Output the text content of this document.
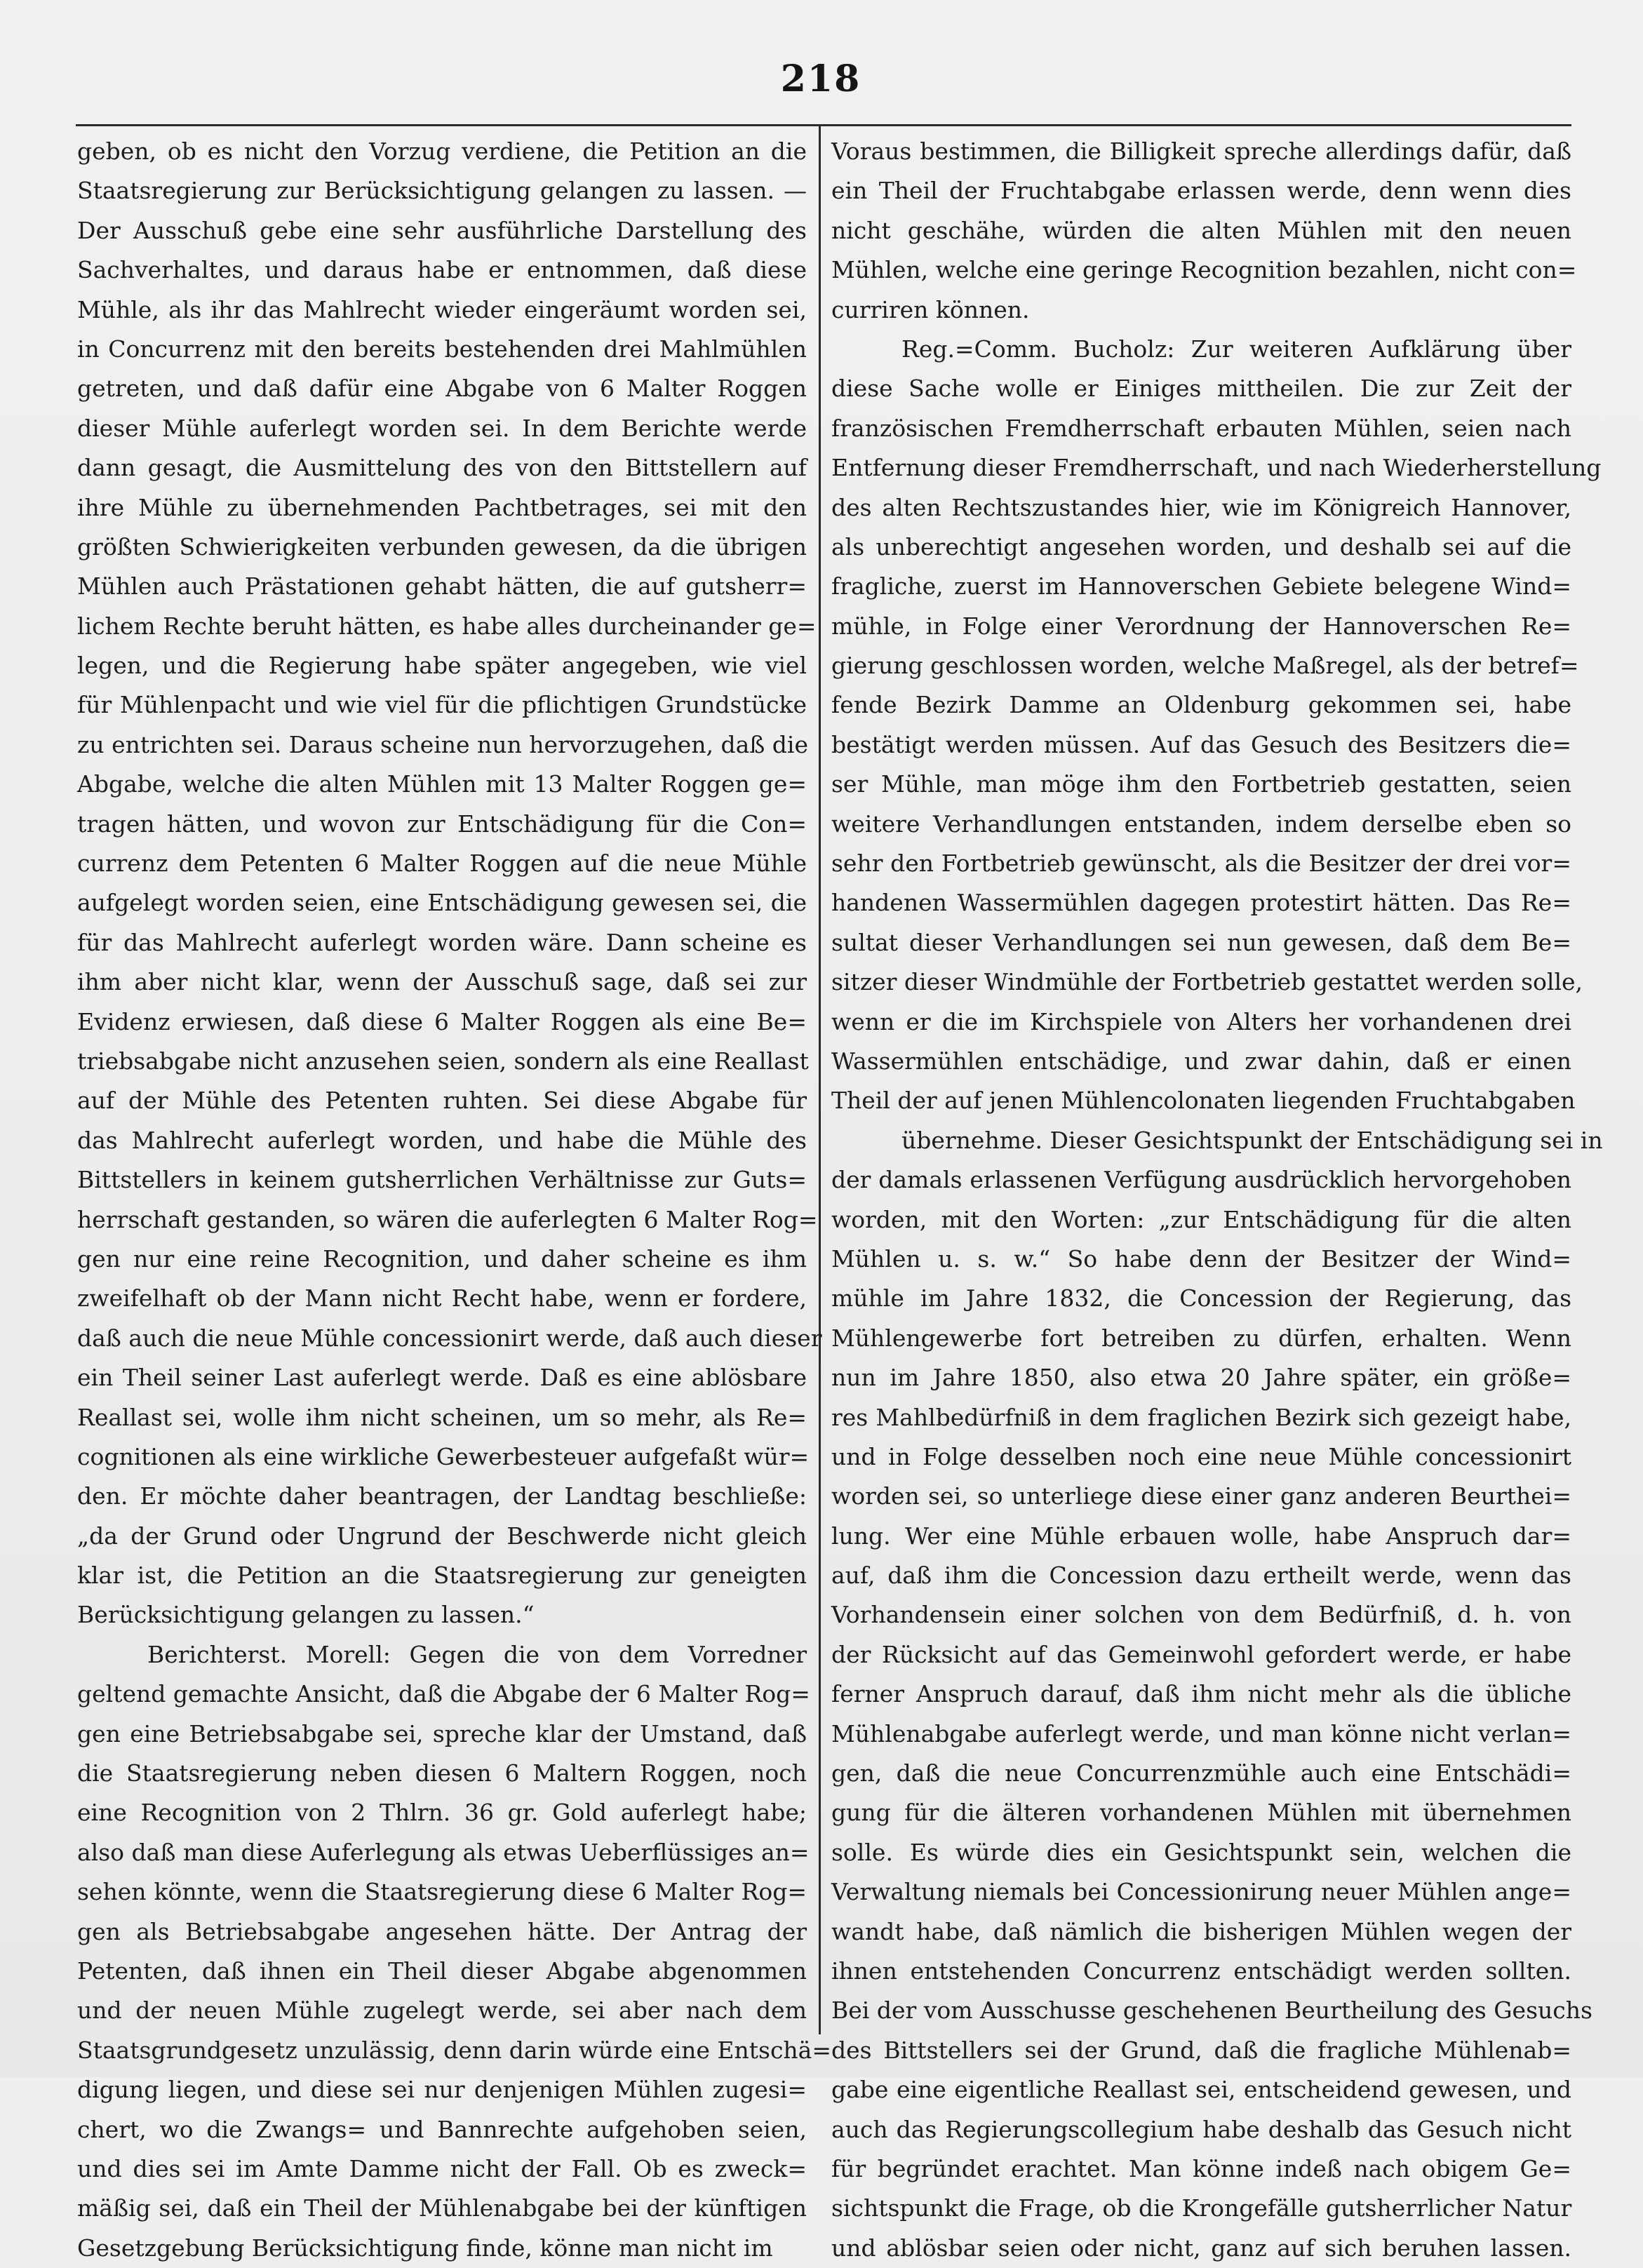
218
geben, ob es nicht den Vorzug verdiene, die Petition an die
Staatsregierung zur Berücksichtigung gelangen zu lassen. —
Der Ausschuß gebe eine sehr ausführliche Darstellung des
Sachverhaltes, und daraus habe er entnommen, daß diese
Mühle, als ihr das Mahlrecht wieder eingeräumt worden sei,
in Concurrenz mit den bereits bestehenden drei Mahlmühlen
getreten, und daß dafür eine Abgabe von 6 Malter Roggen
dieser Mühle auferlegt worden sei. In dem Berichte werde
dann gesagt, die Ausmittelung des von den Bittstellern auf
ihre Mühle zu übernehmenden Pachtbetrages, sei mit den
größten Schwierigkeiten verbunden gewesen, da die übrigen
Mühlen auch Prästationen gehabt hätten, die auf gutsherr=
lichem Rechte beruht hätten, es habe alles durcheinander ge=
legen, und die Regierung habe später angegeben, wie viel
für Mühlenpacht und wie viel für die pflichtigen Grundstücke
zu entrichten sei. Daraus scheine nun hervorzugehen, daß die
Abgabe, welche die alten Mühlen mit 13 Malter Roggen ge=
tragen hätten, und wovon zur Entschädigung für die Con=
currenz dem Petenten 6 Malter Roggen auf die neue Mühle
aufgelegt worden seien, eine Entschädigung gewesen sei, die
für das Mahlrecht auferlegt worden wäre. Dann scheine es
ihm aber nicht klar, wenn der Ausschuß sage, daß sei zur
Evidenz erwiesen, daß diese 6 Malter Roggen als eine Be=
triebsabgabe nicht anzusehen seien, sondern als eine Reallast
auf der Mühle des Petenten ruhten. Sei diese Abgabe für
das Mahlrecht auferlegt worden, und habe die Mühle des
Bittstellers in keinem gutsherrlichen Verhältnisse zur Guts=
herrschaft gestanden, so wären die auferlegten 6 Malter Rog=
gen nur eine reine Recognition, und daher scheine es ihm
zweifelhaft ob der Mann nicht Recht habe, wenn er fordere,
daß auch die neue Mühle concessionirt werde, daß auch dieser
ein Theil seiner Last auferlegt werde. Daß es eine ablösbare
Reallast sei, wolle ihm nicht scheinen, um so mehr, als Re=
cognitionen als eine wirkliche Gewerbesteuer aufgefaßt wür=
den. Er möchte daher beantragen, der Landtag beschließe:
„da der Grund oder Ungrund der Beschwerde nicht gleich
klar ist, die Petition an die Staatsregierung zur geneigten
Berücksichtigung gelangen zu lassen.“
Berichterst. Morell: Gegen die von dem Vorredner
geltend gemachte Ansicht, daß die Abgabe der 6 Malter Rog=
gen eine Betriebsabgabe sei, spreche klar der Umstand, daß
die Staatsregierung neben diesen 6 Maltern Roggen, noch
eine Recognition von 2 Thlrn. 36 gr. Gold auferlegt habe;
also daß man diese Auferlegung als etwas Ueberflüssiges an=
sehen könnte, wenn die Staatsregierung diese 6 Malter Rog=
gen als Betriebsabgabe angesehen hätte. Der Antrag der
Petenten, daß ihnen ein Theil dieser Abgabe abgenommen
und der neuen Mühle zugelegt werde, sei aber nach dem
Staatsgrundgesetz unzulässig, denn darin würde eine Entschä=
digung liegen, und diese sei nur denjenigen Mühlen zugesi=
chert, wo die Zwangs= und Bannrechte aufgehoben seien,
und dies sei im Amte Damme nicht der Fall. Ob es zweck=
mäßig sei, daß ein Theil der Mühlenabgabe bei der künftigen
Gesetzgebung Berücksichtigung finde, könne man nicht im
Voraus bestimmen, die Billigkeit spreche allerdings dafür, daß
ein Theil der Fruchtabgabe erlassen werde, denn wenn dies
nicht geschähe, würden die alten Mühlen mit den neuen
Mühlen, welche eine geringe Recognition bezahlen, nicht con=
curriren können.
Reg.=Comm. Bucholz: Zur weiteren Aufklärung über
diese Sache wolle er Einiges mittheilen. Die zur Zeit der
französischen Fremdherrschaft erbauten Mühlen, seien nach
Entfernung dieser Fremdherrschaft, und nach Wiederherstellung
des alten Rechtszustandes hier, wie im Königreich Hannover,
als unberechtigt angesehen worden, und deshalb sei auf die
fragliche, zuerst im Hannoverschen Gebiete belegene Wind=
mühle, in Folge einer Verordnung der Hannoverschen Re=
gierung geschlossen worden, welche Maßregel, als der betref=
fende Bezirk Damme an Oldenburg gekommen sei, habe
bestätigt werden müssen. Auf das Gesuch des Besitzers die=
ser Mühle, man möge ihm den Fortbetrieb gestatten, seien
weitere Verhandlungen entstanden, indem derselbe eben so
sehr den Fortbetrieb gewünscht, als die Besitzer der drei vor=
handenen Wassermühlen dagegen protestirt hätten. Das Re=
sultat dieser Verhandlungen sei nun gewesen, daß dem Be=
sitzer dieser Windmühle der Fortbetrieb gestattet werden solle,
wenn er die im Kirchspiele von Alters her vorhandenen drei
Wassermühlen entschädige, und zwar dahin, daß er einen
Theil der auf jenen Mühlencolonaten liegenden Fruchtabgaben
übernehme. Dieser Gesichtspunkt der Entschädigung sei in
der damals erlassenen Verfügung ausdrücklich hervorgehoben
worden, mit den Worten: „zur Entschädigung für die alten
Mühlen u. s. w.“ So habe denn der Besitzer der Wind=
mühle im Jahre 1832, die Concession der Regierung, das
Mühlengewerbe fort betreiben zu dürfen, erhalten. Wenn
nun im Jahre 1850, also etwa 20 Jahre später, ein größe=
res Mahlbedürfniß in dem fraglichen Bezirk sich gezeigt habe,
und in Folge desselben noch eine neue Mühle concessionirt
worden sei, so unterliege diese einer ganz anderen Beurthei=
lung. Wer eine Mühle erbauen wolle, habe Anspruch dar=
auf, daß ihm die Concession dazu ertheilt werde, wenn das
Vorhandensein einer solchen von dem Bedürfniß, d. h. von
der Rücksicht auf das Gemeinwohl gefordert werde, er habe
ferner Anspruch darauf, daß ihm nicht mehr als die übliche
Mühlenabgabe auferlegt werde, und man könne nicht verlan=
gen, daß die neue Concurrenzmühle auch eine Entschädi=
gung für die älteren vorhandenen Mühlen mit übernehmen
solle. Es würde dies ein Gesichtspunkt sein, welchen die
Verwaltung niemals bei Concessionirung neuer Mühlen ange=
wandt habe, daß nämlich die bisherigen Mühlen wegen der
ihnen entstehenden Concurrenz entschädigt werden sollten.
Bei der vom Ausschusse geschehenen Beurtheilung des Gesuchs
des Bittstellers sei der Grund, daß die fragliche Mühlenab=
gabe eine eigentliche Reallast sei, entscheidend gewesen, und
auch das Regierungscollegium habe deshalb das Gesuch nicht
für begründet erachtet. Man könne indeß nach obigem Ge=
sichtspunkt die Frage, ob die Krongefälle gutsherrlicher Natur
und ablösbar seien oder nicht, ganz auf sich beruhen lassen.
